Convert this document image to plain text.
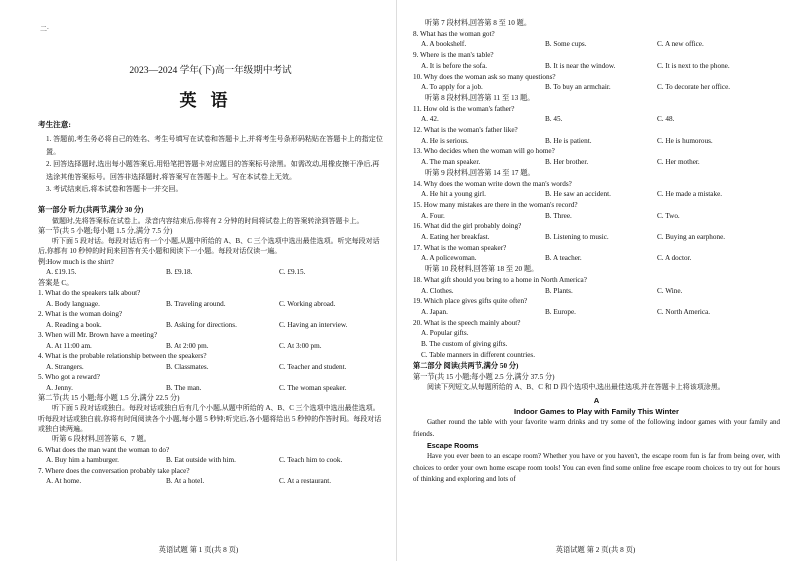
二 ·
2023—2024 学年(下)高一年级期中考试
英语
考生注意:
1. 答题前,考生务必将自己的姓名、考生号填写在试卷和答题卡上,并将考生号条形码粘贴在答题卡上的指定位置。
2. 回答选择题时,选出每小题答案后,用铅笔把答题卡对应题目的答案标号涂黑。如需改动,用橡皮擦干净后,再选涂其他答案标号。回答非选择题时,将答案写在答题卡上。写在本试卷上无效。
3. 考试结束后,将本试卷和答题卡一并交回。
第一部分 听力(共两节,满分 30 分)
做题时,先将答案标在试卷上。录音内容结束后,你将有 2 分钟的时间将试卷上的答案转涂到答题卡上。
第一节(共 5 小题;每小题 1.5 分,满分 7.5 分)
听下面 5 段对话。每段对话后有一个小题,从题中所给的 A、B、C 三个选项中选出最佳选项。听完每段对话后,你都有 10 秒钟的时间来回答有关小题和阅读下一小题。每段对话仅读一遍。
例:How much is the shirt?
A. £19.15.	B. £9.18.	C. £9.15.
答案是 C。
1. What do the speakers talk about?
A. Body language.	B. Traveling around.	C. Working abroad.
2. What is the woman doing?
A. Reading a book.	B. Asking for directions.	C. Having an interview.
3. When will Mr. Brown have a meeting?
A. At 11:00 am.	B. At 2:00 pm.	C. At 3:00 pm.
4. What is the probable relationship between the speakers?
A. Strangers.	B. Classmates.	C. Teacher and student.
5. Who got a reward?
A. Jenny.	B. The man.	C. The woman speaker.
第二节(共 15 小题;每小题 1.5 分,满分 22.5 分)
听下面 5 段对话或独白。每段对话或独白后有几个小题,从题中所给的 A、B、C 三个选项中选出最佳选项。听每段对话或独白前,你将有时间阅读各个小题,每小题 5 秒钟;听完后,各小题将给出 5 秒钟的作答时间。每段对话或独白读两遍。
听第 6 段材料,回答第 6、7 题。
6. What does the man want the woman to do?
A. Buy him a hamburger.	B. Eat outside with him.	C. Teach him to cook.
7. Where does the conversation probably take place?
A. At home.	B. At a hotel.	C. At a restaurant.
英语试题 第 1 页(共 8 页)
听第 7 段材料,回答第 8 至 10 题。
8. What has the woman got?
A. A bookshelf.	B. Some cups.	C. A new office.
9. Where is the man's table?
A. It is before the sofa.	B. It is near the window.	C. It is next to the phone.
10. Why does the woman ask so many questions?
A. To apply for a job.	B. To buy an armchair.	C. To decorate her office.
听第 8 段材料,回答第 11 至 13 题。
11. How old is the woman's father?
A. 42.	B. 45.	C. 48.
12. What is the woman's father like?
A. He is serious.	B. He is patient.	C. He is humorous.
13. Who decides when the woman will go home?
A. The man speaker.	B. Her brother.	C. Her mother.
听第 9 段材料,回答第 14 至 17 题。
14. Why does the woman write down the man's words?
A. He hit a young girl.	B. He saw an accident.	C. He made a mistake.
15. How many mistakes are there in the woman's record?
A. Four.	B. Three.	C. Two.
16. What did the girl probably doing?
A. Eating her breakfast.	B. Listening to music.	C. Buying an earphone.
17. What is the woman speaker?
A. A policewoman.	B. A teacher.	C. A doctor.
听第 10 段材料,回答第 18 至 20 题。
18. What gift should you bring to a home in North America?
A. Clothes.	B. Plants.	C. Wine.
19. Which place gives gifts quite often?
A. Japan.	B. Europe.	C. North America.
20. What is the speech mainly about?
A. Popular gifts.
B. The custom of giving gifts.
C. Table manners in different countries.
第二部分 阅读(共两节,满分 50 分)
第一节(共 15 小题;每小题 2.5 分,满分 37.5 分)
阅读下列短文,从每题所给的 A、B、C 和 D 四个选项中,选出最佳选项,并在答题卡上将该项涂黑。
A
Indoor Games to Play with Family This Winter
Gather round the table with your favorite warm drinks and try some of the following indoor games with your family and friends.
Escape Rooms
Have you ever been to an escape room? Whether you have or you haven't, the escape room fun is far from being over, with choices to order your own home escape room tools! You can even find some online free escape room choices to try out for hours of thinking and exploring and lots of
英语试题 第 2 页(共 8 页)
